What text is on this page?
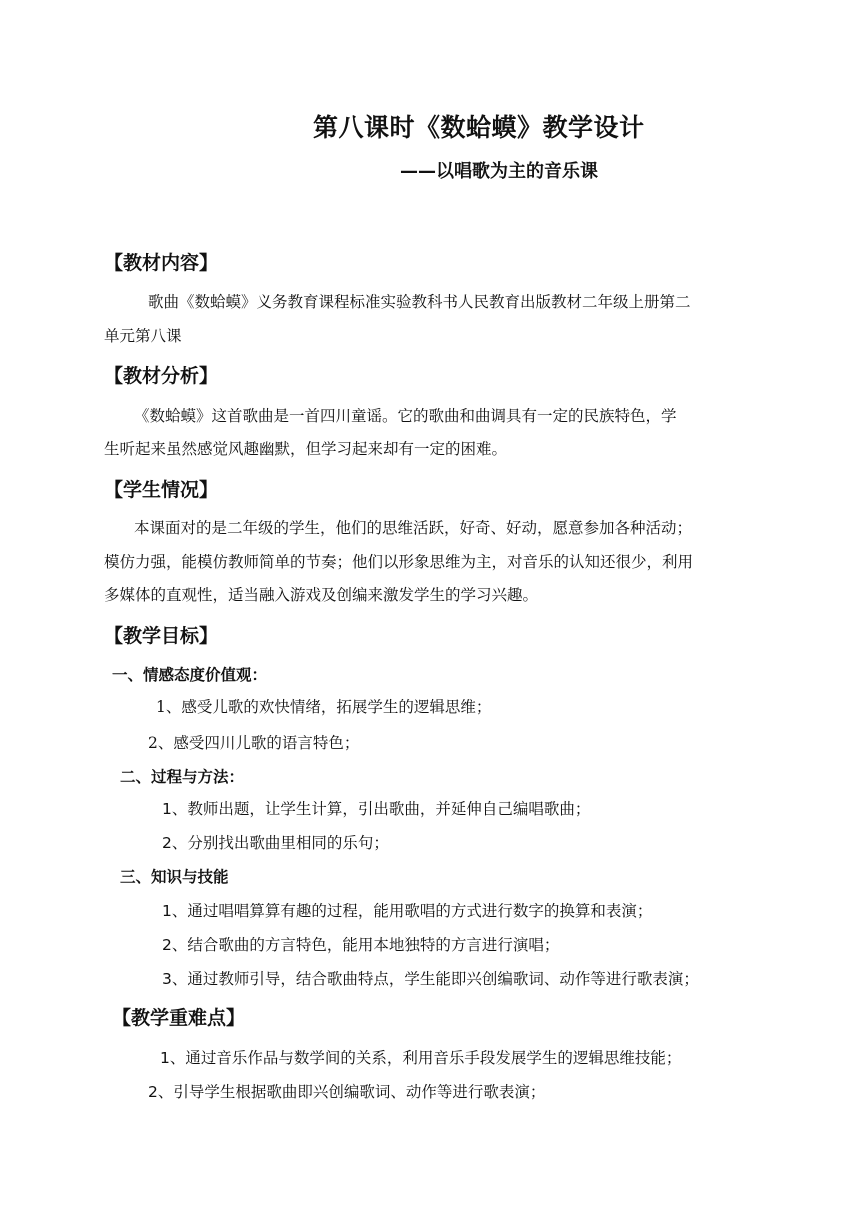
第八课时《数蛤蟆》教学设计
——以唱歌为主的音乐课
【教材内容】
歌曲《数蛤蟆》义务教育课程标准实验教科书人民教育出版教材二年级上册第二
单元第八课
【教材分析】
《数蛤蟆》这首歌曲是一首四川童谣。它的歌曲和曲调具有一定的民族特色，学
生听起来虽然感觉风趣幽默，但学习起来却有一定的困难。
【学生情况】
本课面对的是二年级的学生，他们的思维活跃，好奇、好动，愿意参加各种活动；
模仿力强，能模仿教师简单的节奏；他们以形象思维为主，对音乐的认知还很少，利用
多媒体的直观性，适当融入游戏及创编来激发学生的学习兴趣。
【教学目标】
一、情感态度价值观：
1、感受儿歌的欢快情绪，拓展学生的逻辑思维；
2、感受四川儿歌的语言特色；
二、过程与方法：
1、教师出题，让学生计算，引出歌曲，并延伸自己编唱歌曲；
2、分别找出歌曲里相同的乐句；
三、知识与技能
1、通过唱唱算算有趣的过程，能用歌唱的方式进行数字的换算和表演；
2、结合歌曲的方言特色，能用本地独特的方言进行演唱；
3、通过教师引导，结合歌曲特点，学生能即兴创编歌词、动作等进行歌表演；
【教学重难点】
1、通过音乐作品与数学间的关系，利用音乐手段发展学生的逻辑思维技能；
2、引导学生根据歌曲即兴创编歌词、动作等进行歌表演；
